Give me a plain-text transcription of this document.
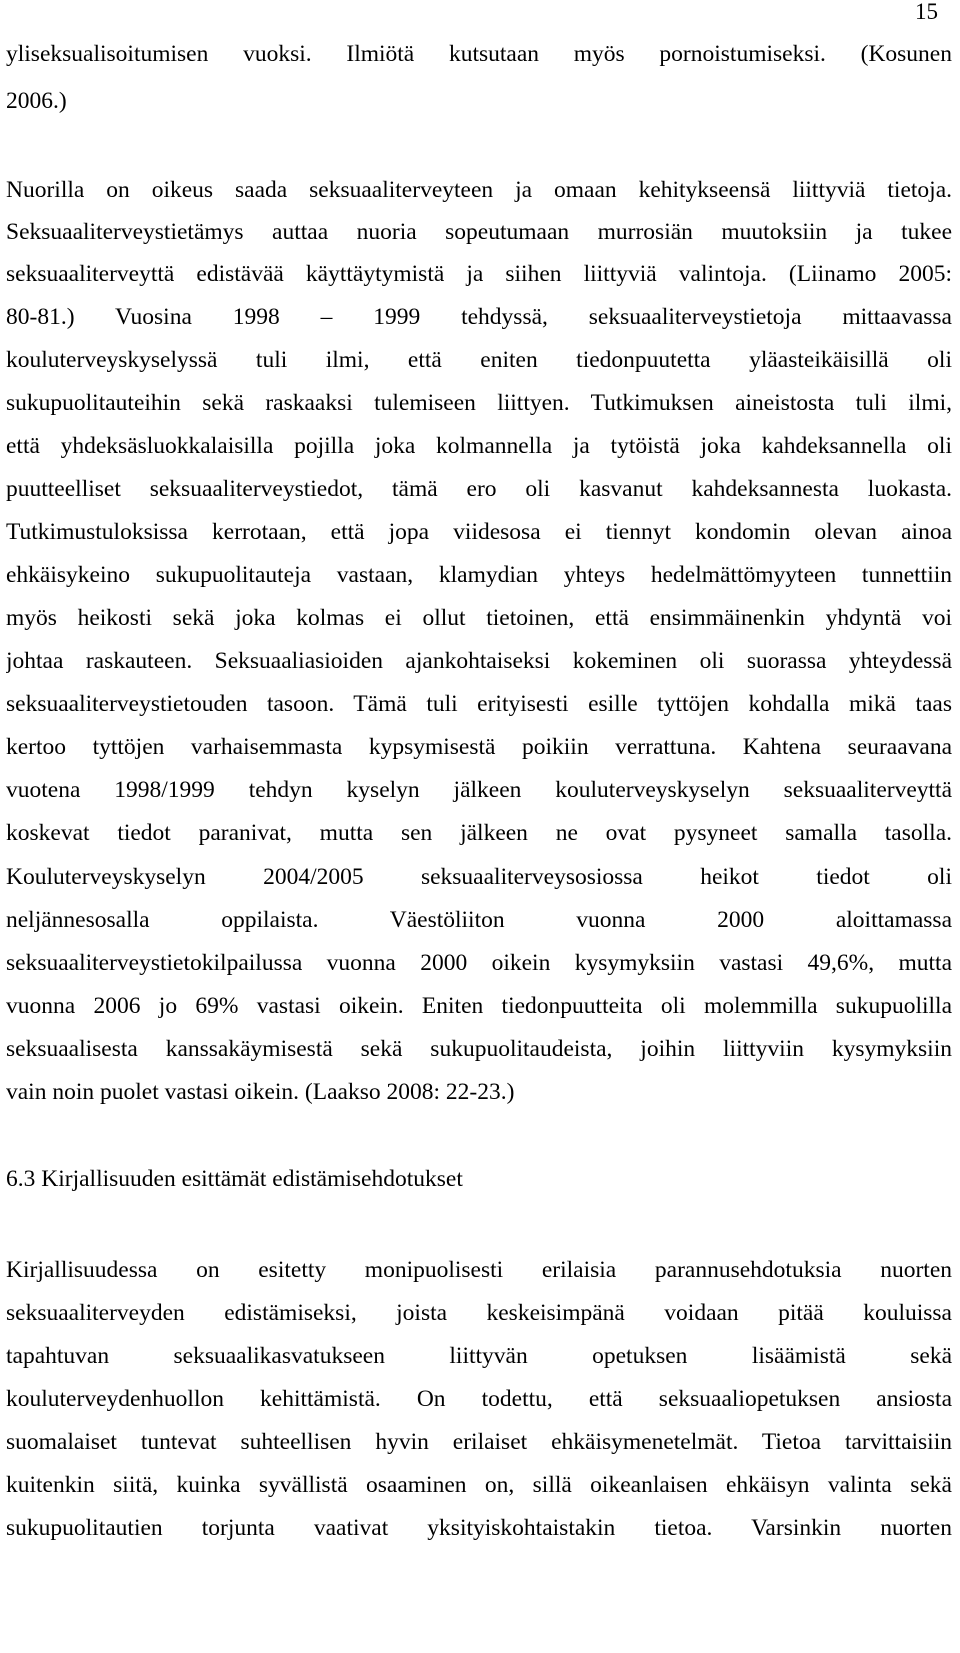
15
yliseksualisoitumisen vuoksi. Ilmiötä kutsutaan myös pornoistumiseksi. (Kosunen
2006.)
Nuorilla on oikeus saada seksuaaliterveyteen ja omaan kehitykseensä liittyviä tietoja.
Seksuaaliterveystietämys auttaa nuoria sopeutumaan murrosiän muutoksiin ja tukee
seksuaaliterveyttä edistävää käyttäytymistä ja siihen liittyviä valintoja. (Liinamo 2005:
80-81.) Vuosina 1998 – 1999 tehdyssä, seksuaaliterveystietoja mittaavassa
kouluterveyskyselyssä tuli ilmi, että eniten tiedonpuutetta yläasteikäisillä oli
sukupuolitauteihin sekä raskaaksi tulemiseen liittyen. Tutkimuksen aineistosta tuli ilmi,
että yhdeksäsluokkalaisilla pojilla joka kolmannella ja tytöistä joka kahdeksannella oli
puutteelliset seksuaaliterveystiedot, tämä ero oli kasvanut kahdeksannesta luokasta.
Tutkimustuloksissa kerrotaan, että jopa viidesosa ei tiennyt kondomin olevan ainoa
ehkäisykeino sukupuolitauteja vastaan, klamydian yhteys hedelmättömyyteen tunnettiin
myös heikosti sekä joka kolmas ei ollut tietoinen, että ensimmäinenkin yhdyntä voi
johtaa raskauteen. Seksuaaliasioiden ajankohtaiseksi kokeminen oli suorassa yhteydessä
seksuaaliterveystietouden tasoon. Tämä tuli erityisesti esille tyttöjen kohdalla mikä taas
kertoo tyttöjen varhaisemmasta kypsymisestä poikiin verrattuna. Kahtena seuraavana
vuotena 1998/1999 tehdyn kyselyn jälkeen kouluterveyskyselyn seksuaaliterveyttä
koskevat tiedot paranivat, mutta sen jälkeen ne ovat pysyneet samalla tasolla.
Kouluterveyskyselyn 2004/2005 seksuaaliterveysosiossa heikot tiedot oli
neljännesosalla oppilaista. Väestöliiton vuonna 2000 aloittamassa
seksuaaliterveystietokilpailussa vuonna 2000 oikein kysymyksiin vastasi 49,6%, mutta
vuonna 2006 jo 69% vastasi oikein. Eniten tiedonpuutteita oli molemmilla sukupuolilla
seksuaalisesta kanssakäymisestä sekä sukupuolitaudeista, joihin liittyviin kysymyksiin
vain noin puolet vastasi oikein. (Laakso 2008: 22-23.)
6.3 Kirjallisuuden esittämät edistämisehdotukset
Kirjallisuudessa on esitetty monipuolisesti erilaisia parannusehdotuksia nuorten
seksuaaliterveyden edistämiseksi, joista keskeisimpänä voidaan pitää kouluissa
tapahtuvan seksuaalikasvatukseen liittyvän opetuksen lisäämistä sekä
kouluterveydenhuollon kehittämistä. On todettu, että seksuaaliopetuksen ansiosta
suomalaiset tuntevat suhteellisen hyvin erilaiset ehkäisymenetelmät. Tietoa tarvittaisiin
kuitenkin siitä, kuinka syvällistä osaaminen on, sillä oikeanlaisen ehkäisyn valinta sekä
sukupuolitautien torjunta vaativat yksityiskohtaistakin tietoa. Varsinkin nuorten
